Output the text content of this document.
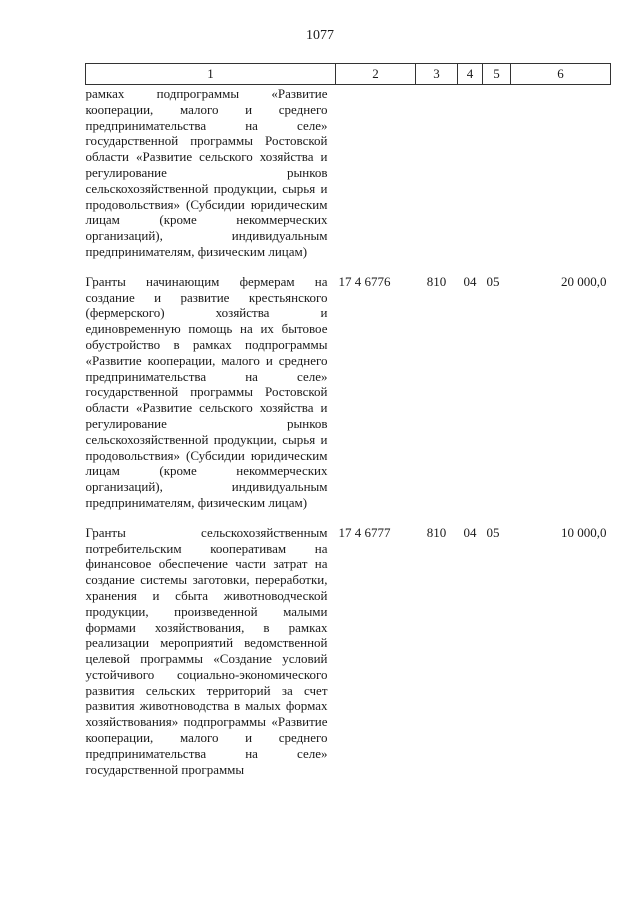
1077
1	2	3	4	5	6
рамках подпрограммы «Развитие кооперации, малого и среднего предпринимательства на селе» государственной программы Ростовской области «Развитие сельского хозяйства и регулирование рынков сельскохозяйственной продукции, сырья и продовольствия» (Субсидии юридическим лицам (кроме некоммерческих организаций), индивидуальным предпринимателям, физическим лицам)					

Гранты начинающим фермерам на создание и развитие крестьянского (фермерского) хозяйства и единовременную помощь на их бытовое обустройство в рамках подпрограммы «Развитие кооперации, малого и среднего предпринимательства на селе» государственной программы Ростовской области «Развитие сельского хозяйства и регулирование рынков сельскохозяйственной продукции, сырья и продовольствия» (Субсидии юридическим лицам (кроме некоммерческих организаций), индивидуальным предпринимателям, физическим лицам)	17 4 6776	810	04	05	20 000,0

Гранты сельскохозяйственным потребительским кооперативам на финансовое обеспечение части затрат на создание системы заготовки, переработки, хранения и сбыта животноводческой продукции, произведенной малыми формами хозяйствования, в рамках реализации мероприятий ведомственной целевой программы «Создание условий устойчивого социально-экономического развития сельских территорий за счет развития животноводства в малых формах хозяйствования» подпрограммы «Развитие кооперации, малого и среднего предпринимательства на селе» государственной программы	17 4 6777	810	04	05	10 000,0
